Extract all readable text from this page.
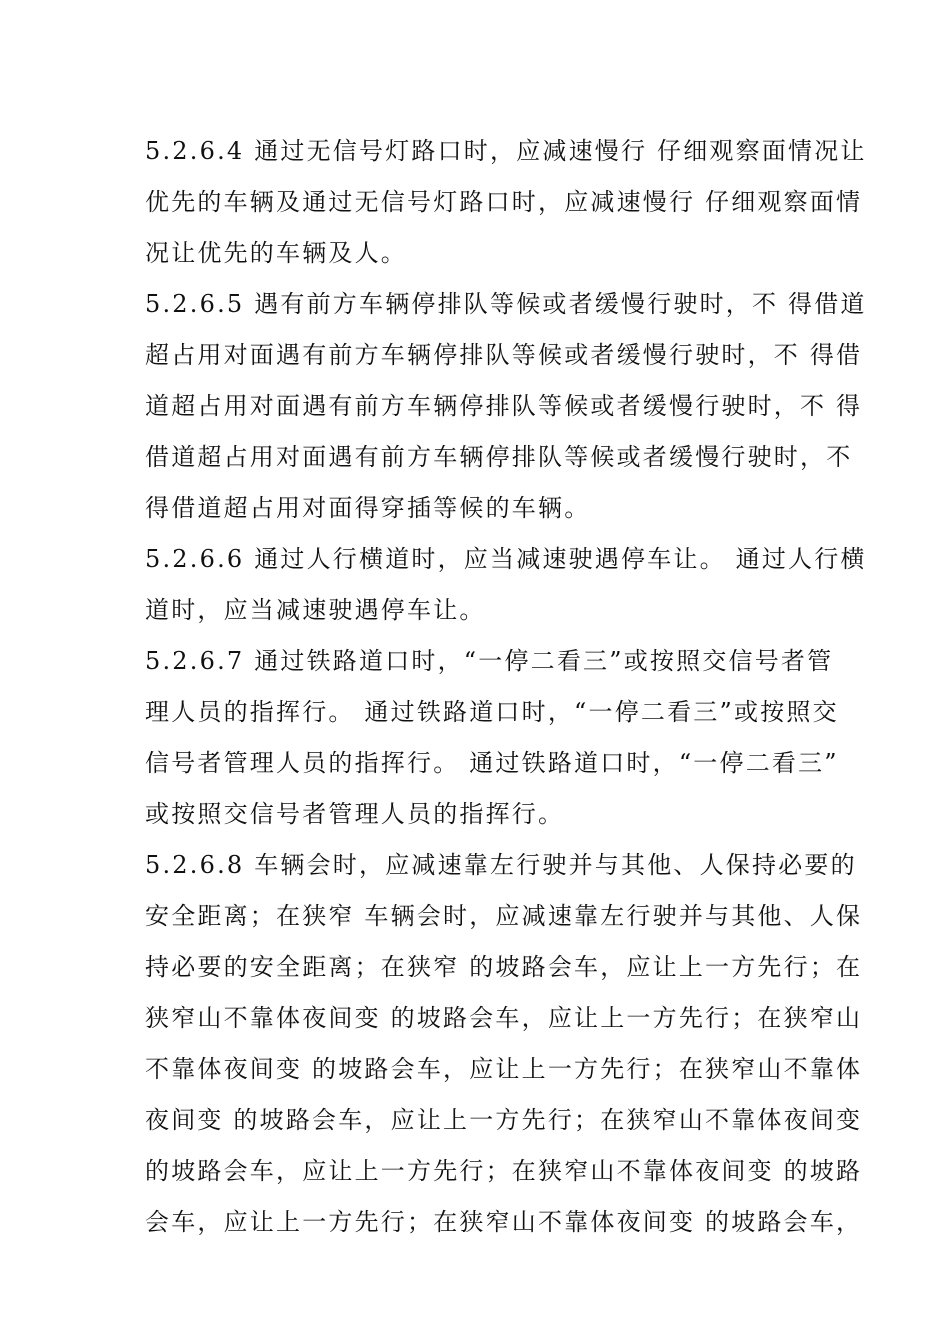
5.2.6.4 通过无信号灯路口时，应减速慢行 仔细观察面情况让
优先的车辆及通过无信号灯路口时，应减速慢行 仔细观察面情
况让优先的车辆及人。
5.2.6.5 遇有前方车辆停排队等候或者缓慢行驶时，不 得借道
超占用对面遇有前方车辆停排队等候或者缓慢行驶时，不 得借
道超占用对面遇有前方车辆停排队等候或者缓慢行驶时，不 得
借道超占用对面遇有前方车辆停排队等候或者缓慢行驶时，不
得借道超占用对面得穿插等候的车辆。
5.2.6.6 通过人行横道时，应当减速驶遇停车让。 通过人行横
道时，应当减速驶遇停车让。
5.2.6.7 通过铁路道口时，“一停二看三”或按照交信号者管
理人员的指挥行。 通过铁路道口时，“一停二看三”或按照交
信号者管理人员的指挥行。 通过铁路道口时，“一停二看三”
或按照交信号者管理人员的指挥行。
5.2.6.8 车辆会时，应减速靠左行驶并与其他、人保持必要的
安全距离；在狭窄 车辆会时，应减速靠左行驶并与其他、人保
持必要的安全距离；在狭窄 的坡路会车，应让上一方先行；在
狭窄山不靠体夜间变 的坡路会车，应让上一方先行；在狭窄山
不靠体夜间变 的坡路会车，应让上一方先行；在狭窄山不靠体
夜间变 的坡路会车，应让上一方先行；在狭窄山不靠体夜间变
的坡路会车，应让上一方先行；在狭窄山不靠体夜间变 的坡路
会车，应让上一方先行；在狭窄山不靠体夜间变 的坡路会车，
